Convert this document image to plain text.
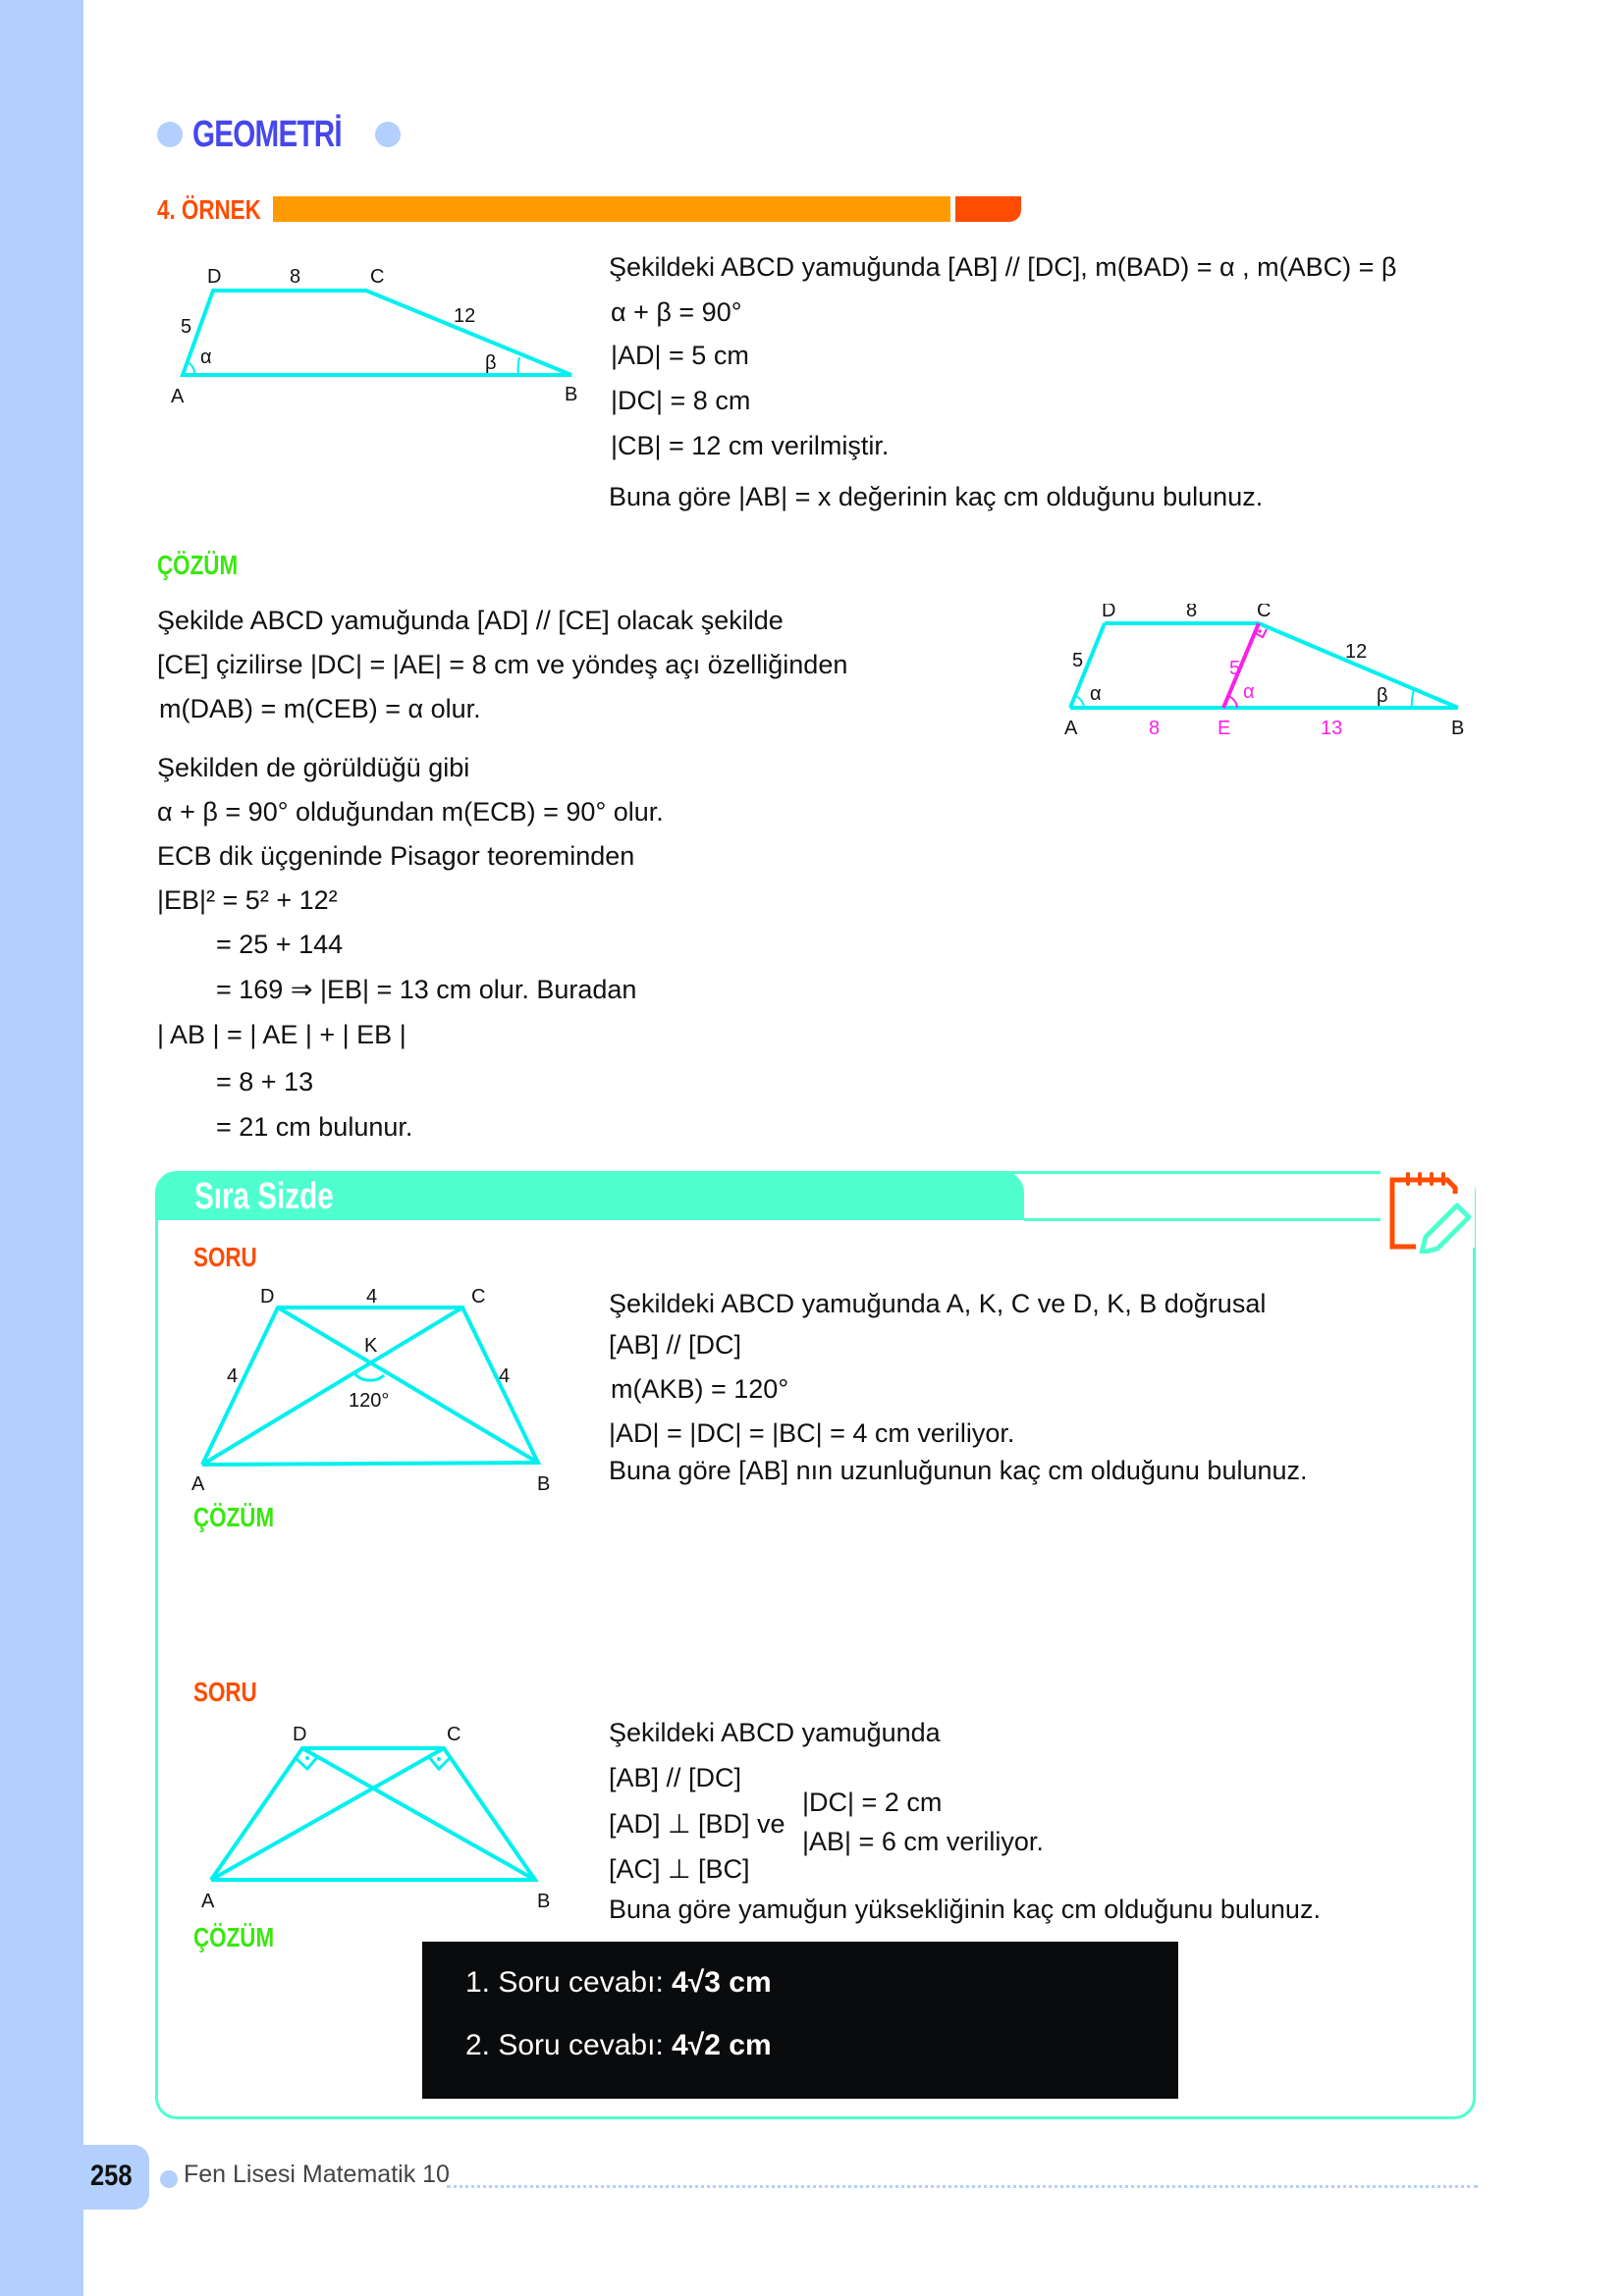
GEOMETRİ
4. ÖRNEK
D	8	C
5	12
α	β
A	B
Şekildeki ABCD yamuğunda [AB] // [DC], m(BAD) = α , m(ABC) = β
α + β = 90°
|AD| = 5 cm
|DC| = 8 cm
|CB| = 12 cm verilmiştir.
Buna göre |AB| = x değerinin kaç cm olduğunu bulunuz.
ÇÖZÜM
Şekilde ABCD yamuğunda [AD] // [CE] olacak şekilde
[CE] çizilirse |DC| = |AE| = 8 cm ve yöndeş açı özelliğinden
m(DAB) = m(CEB) = α olur.
Şekilden de görüldüğü gibi
α + β = 90° olduğundan m(ECB) = 90° olur.
ECB dik üçgeninde Pisagor teoreminden
|EB|² = 5² + 12²
= 25 + 144
= 169 ⇒ |EB| = 13 cm olur. Buradan
| AB | = | AE | + | EB |
= 8 + 13
= 21 cm bulunur.
D	8	C
5	12
5
α	α	β
A	8	E	13	B
Sıra Sizde
SORU
D	4	C
K
4	4
120°
A	B
Şekildeki ABCD yamuğunda A, K, C ve D, K, B doğrusal
[AB] // [DC]
m(AKB) = 120°
|AD| = |DC| = |BC| = 4 cm veriliyor.
Buna göre [AB] nın uzunluğunun kaç cm olduğunu bulunuz.
ÇÖZÜM
SORU
D	C
A	B
Şekildeki ABCD yamuğunda
[AB] // [DC]
[AD] ⊥ [BD] ve
[AC] ⊥ [BC]
|DC| = 2 cm
|AB| = 6 cm veriliyor.
Buna göre yamuğun yüksekliğinin kaç cm olduğunu bulunuz.
ÇÖZÜM
1. Soru cevabı: 4√3 cm
2. Soru cevabı: 4√2 cm
258 Fen Lisesi Matematik 10
